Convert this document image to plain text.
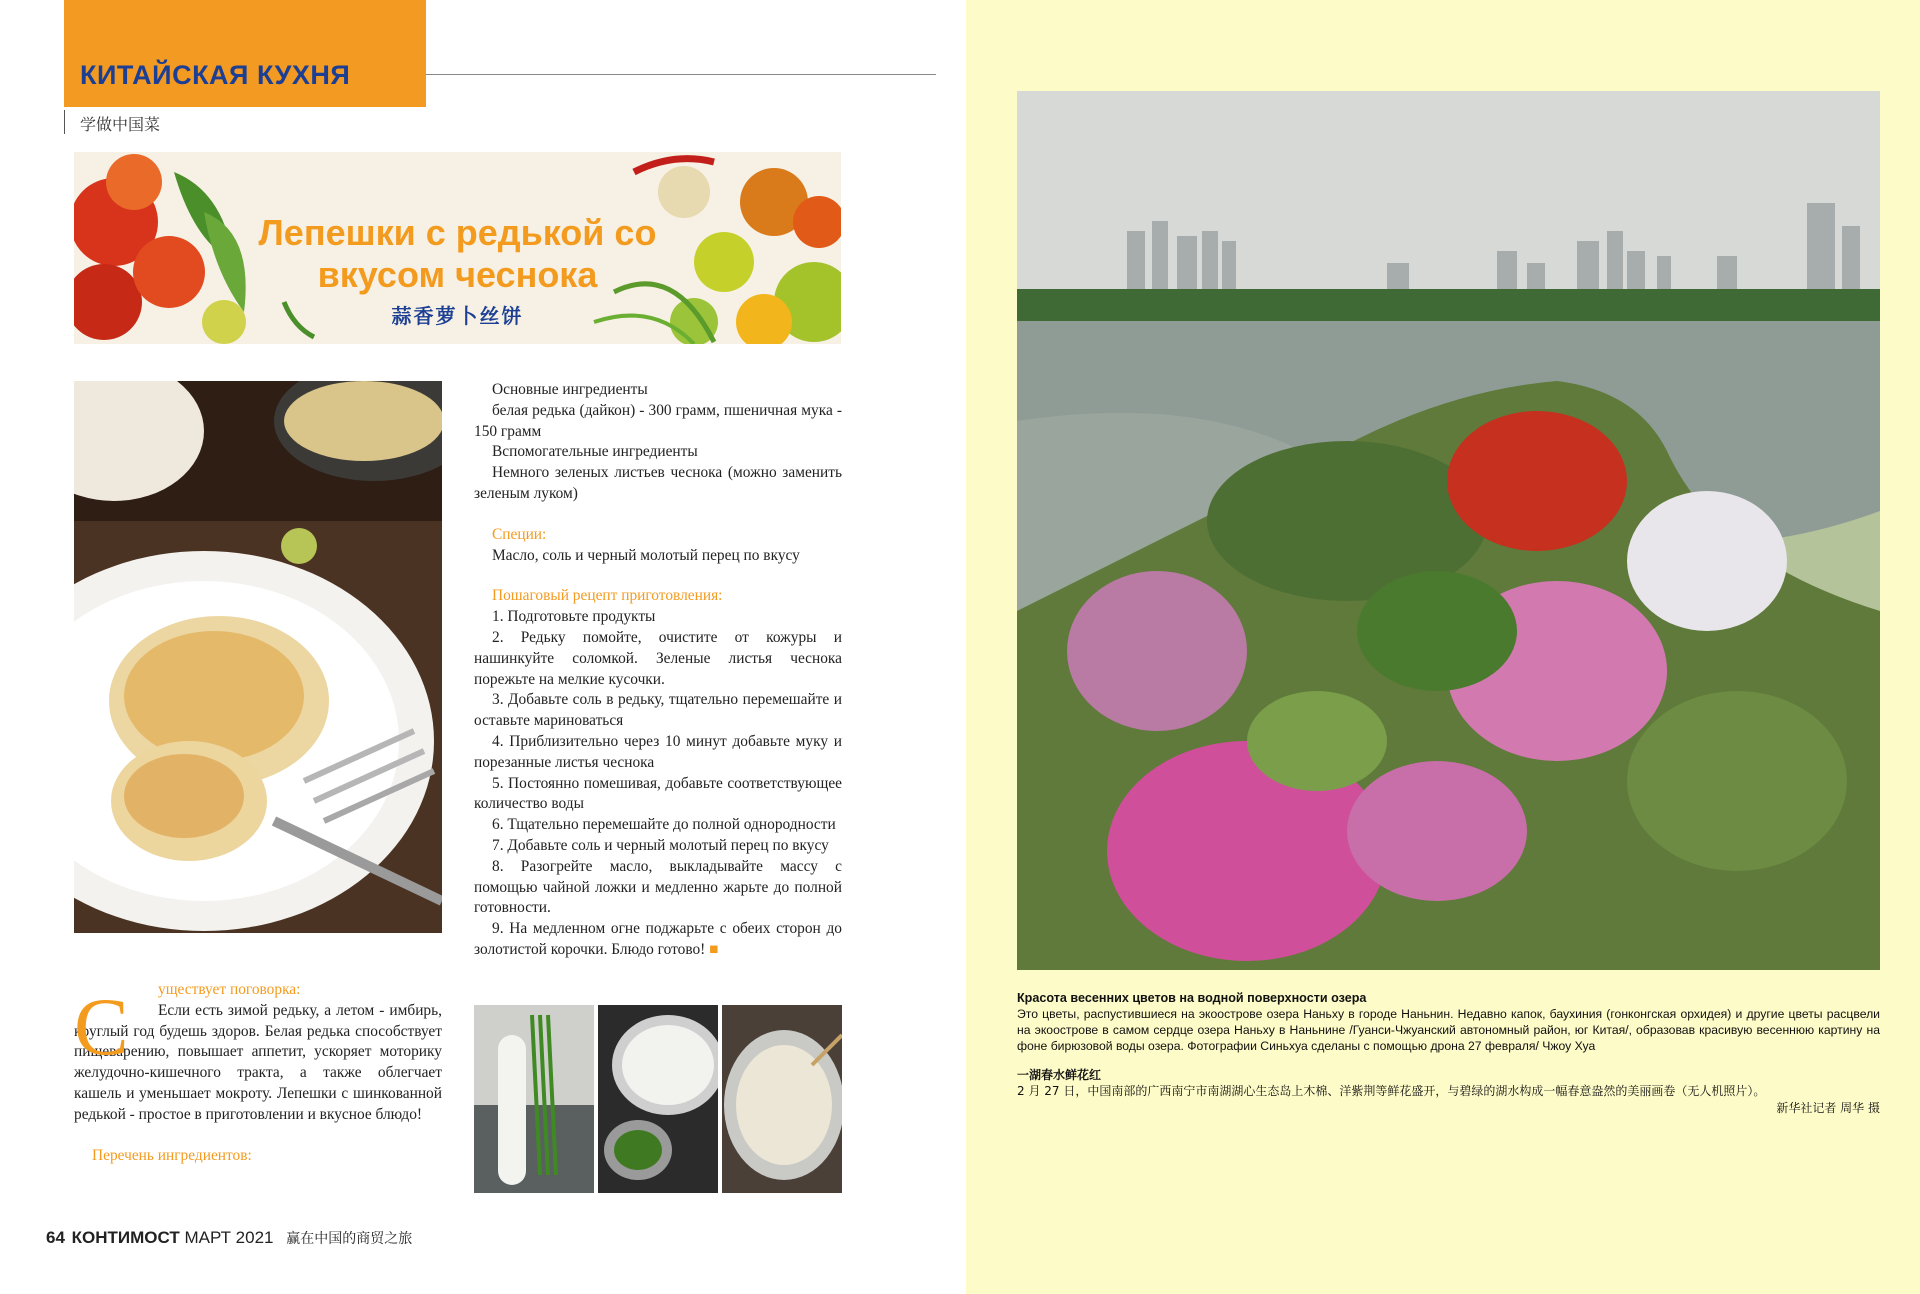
КИТАЙСКАЯ КУХНЯ
学做中国菜
Лепешки с редькой со
вкусом чеснока
蒜香萝卜丝饼

Основные ингредиенты

белая редька (дайкон) - 300 грамм, пшеничная мука - 150 грамм

Вспомогательные ингредиенты

Немного зеленых листьев чеснока (можно заменить зеленым луком)

Специи:

Масло, соль и черный молотый перец по вкусу

Пошаговый рецепт приготовления:

1. Подготовьте продукты

2. Редьку помойте, очистите от кожуры и нашинкуйте соломкой. Зеленые листья чеснока порежьте на мелкие кусочки.

3. Добавьте соль в редьку, тщательно перемешайте и оставьте мариноваться

4. Приблизительно через 10 минут добавьте муку и порезанные листья чеснока

5. Постоянно помешивая, добавьте соответствующее количество воды

6. Тщательно перемешайте до полной однородности

7. Добавьте соль и черный молотый перец по вкусу

8. Разогрейте масло, выкладывайте массу с помощью чайной ложки и медленно жарьте до полной готовности.

9. На медленном огне поджарьте с обеих сторон до золотистой корочки. Блюдо готово! ■

С	уществует поговорка:

Если есть зимой редьку, а летом - имбирь, круглый год будешь здоров. Белая редька способствует пищеварению, повышает аппетит, ускоряет моторику желудочно-кишечного тракта, а также облегчает кашель и уменьшает мокроту. Лепешки с шинкованной редькой - простое в приготовлении и вкусное блюдо!

Перечень ингредиентов:

64 КОНТИМОСТ МАРТ 2021 赢在中国的商贸之旅

Красота весенних цветов на водной поверхности озера

Это цветы, распустившиеся на экоострове озера Наньху в городе Наньнин. Недавно капок, баухиния (гонконгская орхидея) и другие цветы расцвели на экоострове в самом сердце озера Наньху в Наньнине /Гуанси-Чжуанский автономный район, юг Китая/, образовав красивую весеннюю картину на фоне бирюзовой воды озера. Фотографии Синьхуа сделаны с помощью дрона 27 февраля/ Чжоу Хуа

一湖春水鲜花红

2 月 27 日，中国南部的广西南宁市南湖湖心生态岛上木棉、洋紫荆等鲜花盛开，与碧绿的湖水构成一幅春意盎然的美丽画卷（无人机照片）。

新华社记者 周华 摄
